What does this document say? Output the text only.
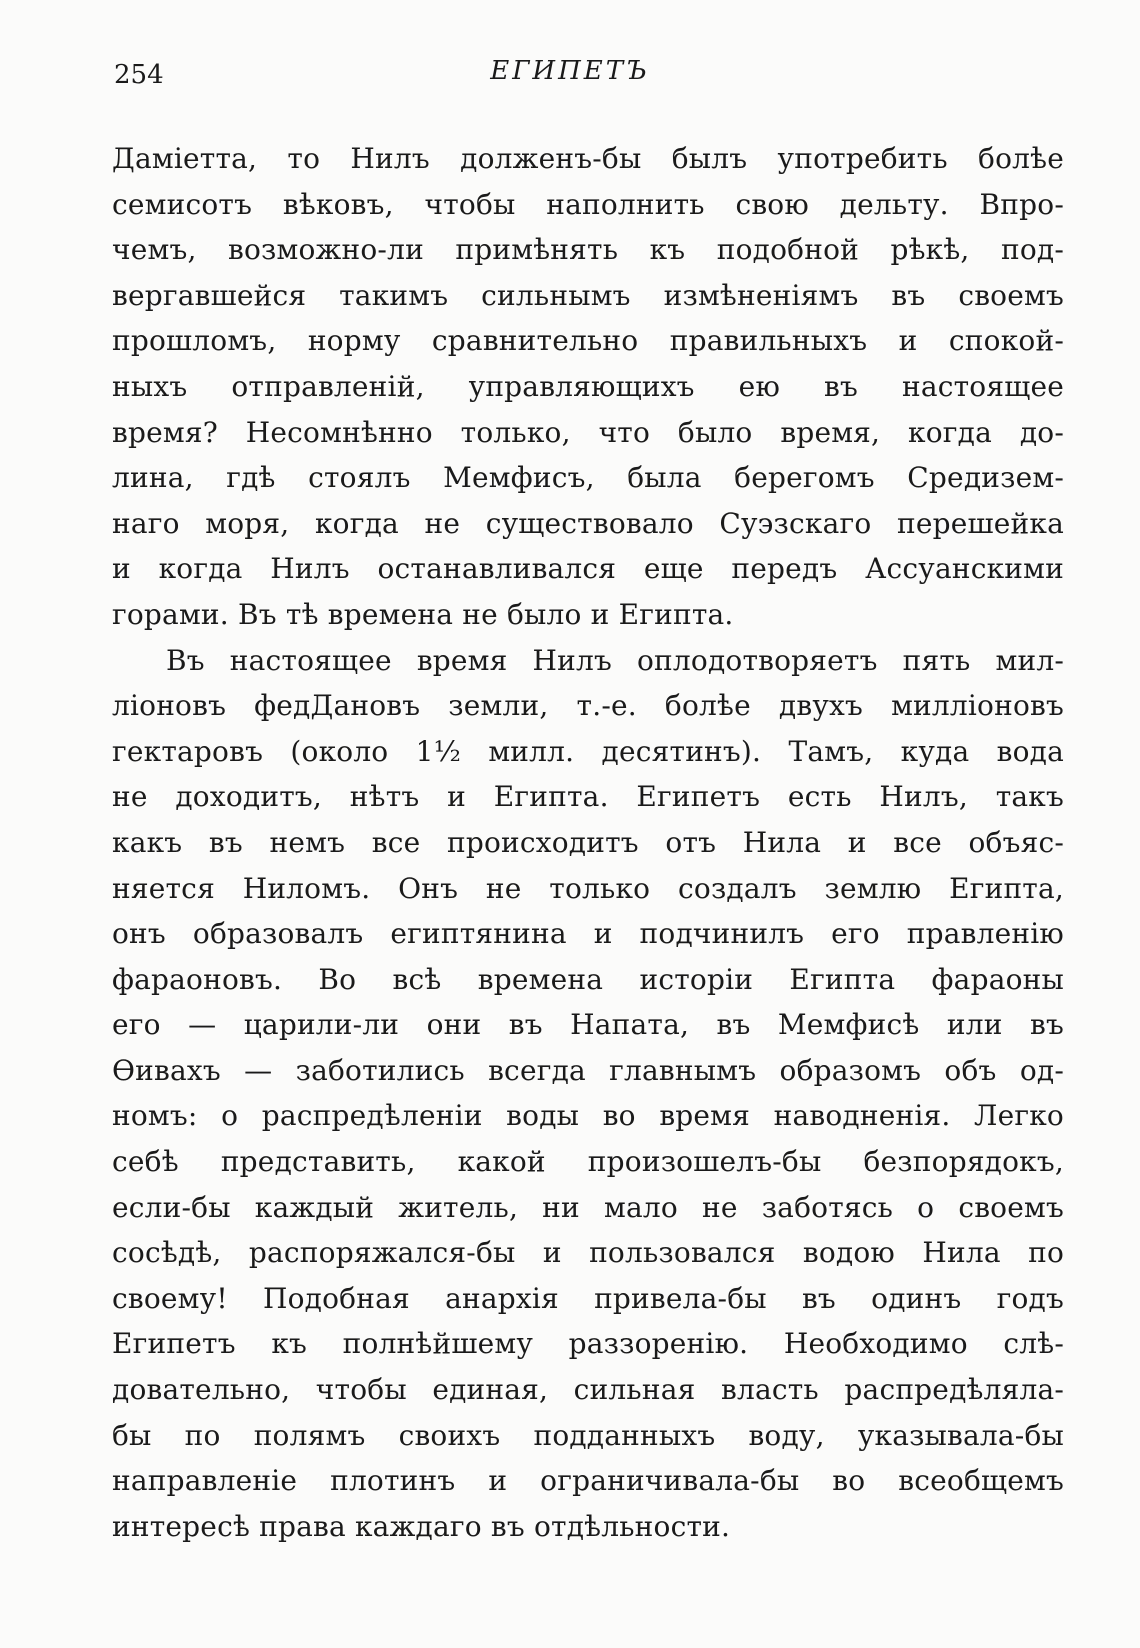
254	ЕГИПЕТЪ
Даміетта, то Нилъ долженъ-бы былъ употребить болѣе
семисотъ вѣковъ, чтобы наполнить свою дельту. Впро-
чемъ, возможно-ли примѣнять къ подобной рѣкѣ, под-
вергавшейся такимъ сильнымъ измѣненіямъ въ своемъ
прошломъ, норму сравнительно правильныхъ и спокой-
ныхъ отправленій, управляющихъ ею въ настоящее
время? Несомнѣнно только, что было время, когда до-
лина, гдѣ стоялъ Мемфисъ, была берегомъ Средизем-
наго моря, когда не существовало Суэзскаго перешейка
и когда Нилъ останавливался еще передъ Ассуанскими
горами. Въ тѣ времена не было и Египта.
Въ настоящее время Нилъ оплодотворяетъ пять мил-
ліоновъ федДановъ земли, т.-е. болѣе двухъ милліоновъ
гектаровъ (около 1½ милл. десятинъ). Тамъ, куда вода
не доходитъ, нѣтъ и Египта. Египетъ есть Нилъ, такъ
какъ въ немъ все происходитъ отъ Нила и все объяс-
няется Ниломъ. Онъ не только создалъ землю Египта,
онъ образовалъ египтянина и подчинилъ его правленію
фараоновъ. Во всѣ времена исторіи Египта фараоны
его — царили-ли они въ Напата, въ Мемфисѣ или въ
Ѳивахъ — заботились всегда главнымъ образомъ объ од-
номъ: о распредѣленіи воды во время наводненія. Легко
себѣ представить, какой произошелъ-бы безпорядокъ,
если-бы каждый житель, ни мало не заботясь о своемъ
сосѣдѣ, распоряжался-бы и пользовался водою Нила по
своему! Подобная анархія привела-бы въ одинъ годъ
Египетъ къ полнѣйшему раззоренію. Необходимо слѣ-
довательно, чтобы единая, сильная власть распредѣляла-
бы по полямъ своихъ подданныхъ воду, указывала-бы
направленіе плотинъ и ограничивала-бы во всеобщемъ
интересѣ права каждаго въ отдѣльности.
